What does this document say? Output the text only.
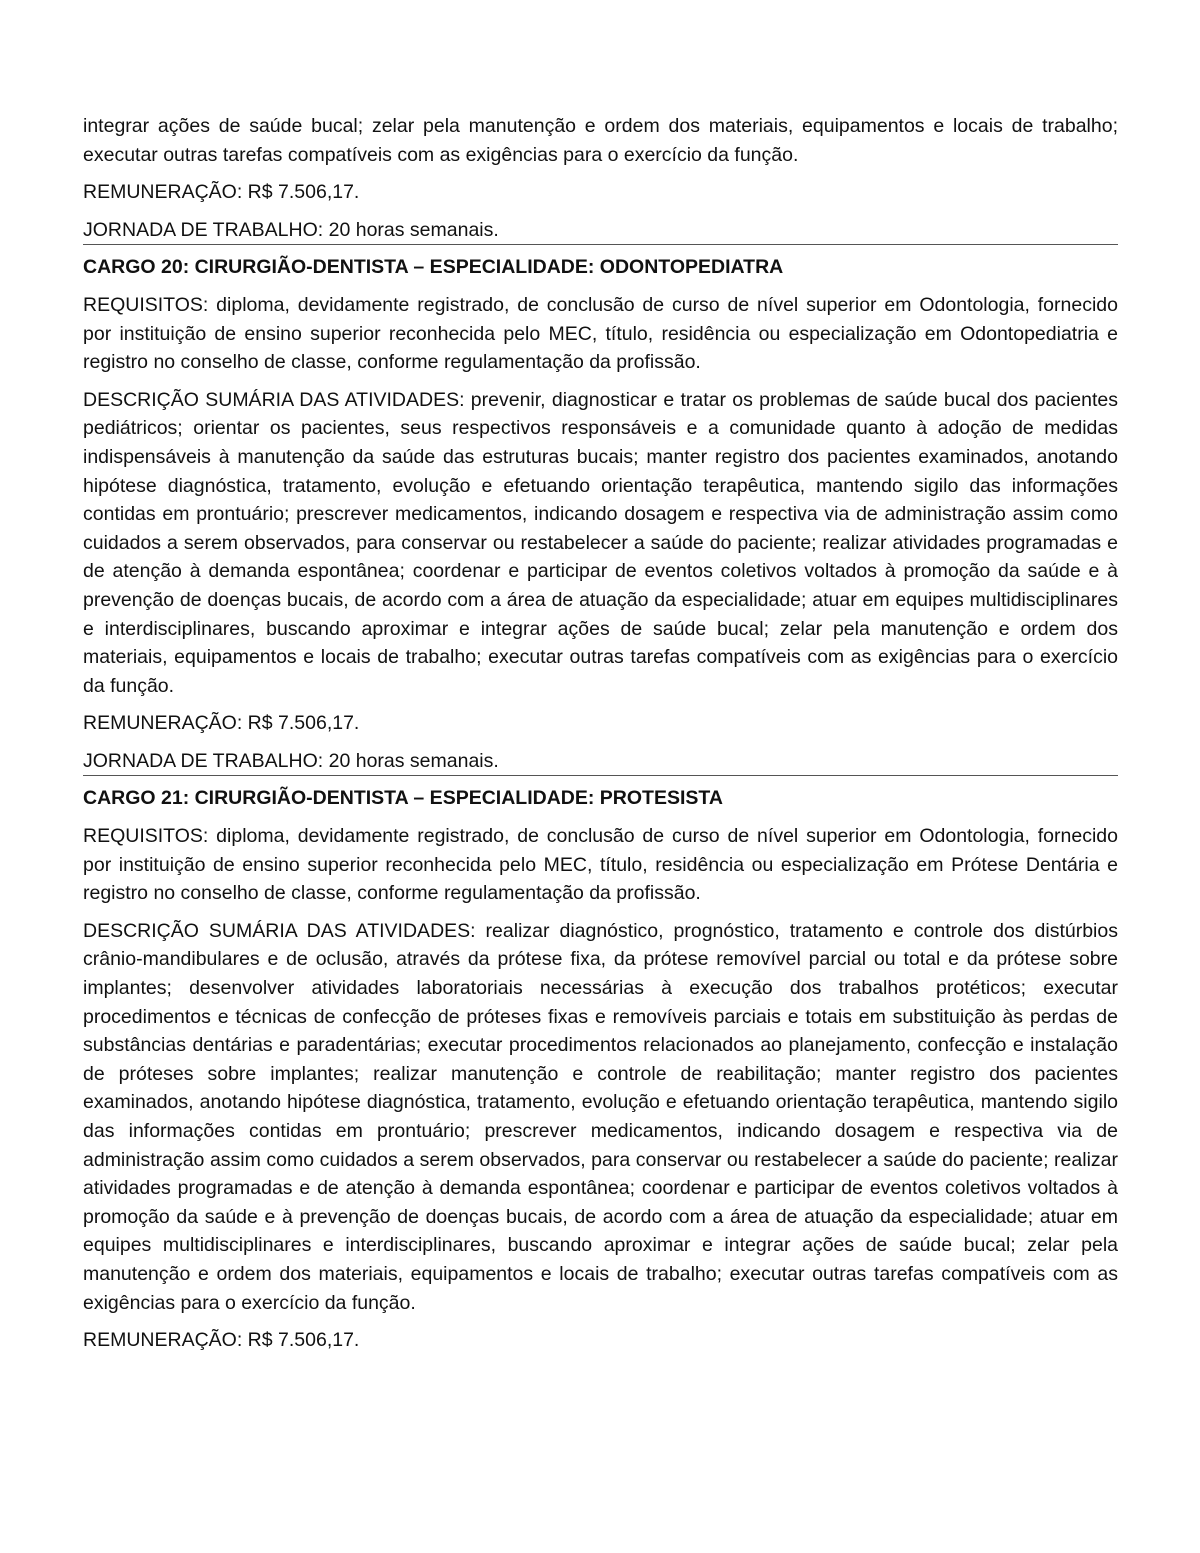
integrar ações de saúde bucal; zelar pela manutenção e ordem dos materiais, equipamentos e locais de trabalho; executar outras tarefas compatíveis com as exigências para o exercício da função.

REMUNERAÇÃO: R$ 7.506,17.

JORNADA DE TRABALHO: 20 horas semanais.

CARGO 20: CIRURGIÃO-DENTISTA – ESPECIALIDADE: ODONTOPEDIATRA

REQUISITOS: diploma, devidamente registrado, de conclusão de curso de nível superior em Odontologia, fornecido por instituição de ensino superior reconhecida pelo MEC, título, residência ou especialização em Odontopediatria e registro no conselho de classe, conforme regulamentação da profissão.

DESCRIÇÃO SUMÁRIA DAS ATIVIDADES: prevenir, diagnosticar e tratar os problemas de saúde bucal dos pacientes pediátricos; orientar os pacientes, seus respectivos responsáveis e a comunidade quanto à adoção de medidas indispensáveis à manutenção da saúde das estruturas bucais; manter registro dos pacientes examinados, anotando hipótese diagnóstica, tratamento, evolução e efetuando orientação terapêutica, mantendo sigilo das informações contidas em prontuário; prescrever medicamentos, indicando dosagem e respectiva via de administração assim como cuidados a serem observados, para conservar ou restabelecer a saúde do paciente; realizar atividades programadas e de atenção à demanda espontânea; coordenar e participar de eventos coletivos voltados à promoção da saúde e à prevenção de doenças bucais, de acordo com a área de atuação da especialidade; atuar em equipes multidisciplinares e interdisciplinares, buscando aproximar e integrar ações de saúde bucal; zelar pela manutenção e ordem dos materiais, equipamentos e locais de trabalho; executar outras tarefas compatíveis com as exigências para o exercício da função.

REMUNERAÇÃO: R$ 7.506,17.

JORNADA DE TRABALHO: 20 horas semanais.

CARGO 21: CIRURGIÃO-DENTISTA – ESPECIALIDADE: PROTESISTA

REQUISITOS: diploma, devidamente registrado, de conclusão de curso de nível superior em Odontologia, fornecido por instituição de ensino superior reconhecida pelo MEC, título, residência ou especialização em Prótese Dentária e registro no conselho de classe, conforme regulamentação da profissão.

DESCRIÇÃO SUMÁRIA DAS ATIVIDADES: realizar diagnóstico, prognóstico, tratamento e controle dos distúrbios crânio-mandibulares e de oclusão, através da prótese fixa, da prótese removível parcial ou total e da prótese sobre implantes; desenvolver atividades laboratoriais necessárias à execução dos trabalhos protéticos; executar procedimentos e técnicas de confecção de próteses fixas e removíveis parciais e totais em substituição às perdas de substâncias dentárias e paradentárias; executar procedimentos relacionados ao planejamento, confecção e instalação de próteses sobre implantes; realizar manutenção e controle de reabilitação; manter registro dos pacientes examinados, anotando hipótese diagnóstica, tratamento, evolução e efetuando orientação terapêutica, mantendo sigilo das informações contidas em prontuário; prescrever medicamentos, indicando dosagem e respectiva via de administração assim como cuidados a serem observados, para conservar ou restabelecer a saúde do paciente; realizar atividades programadas e de atenção à demanda espontânea; coordenar e participar de eventos coletivos voltados à promoção da saúde e à prevenção de doenças bucais, de acordo com a área de atuação da especialidade; atuar em equipes multidisciplinares e interdisciplinares, buscando aproximar e integrar ações de saúde bucal; zelar pela manutenção e ordem dos materiais, equipamentos e locais de trabalho; executar outras tarefas compatíveis com as exigências para o exercício da função.

REMUNERAÇÃO: R$ 7.506,17.
